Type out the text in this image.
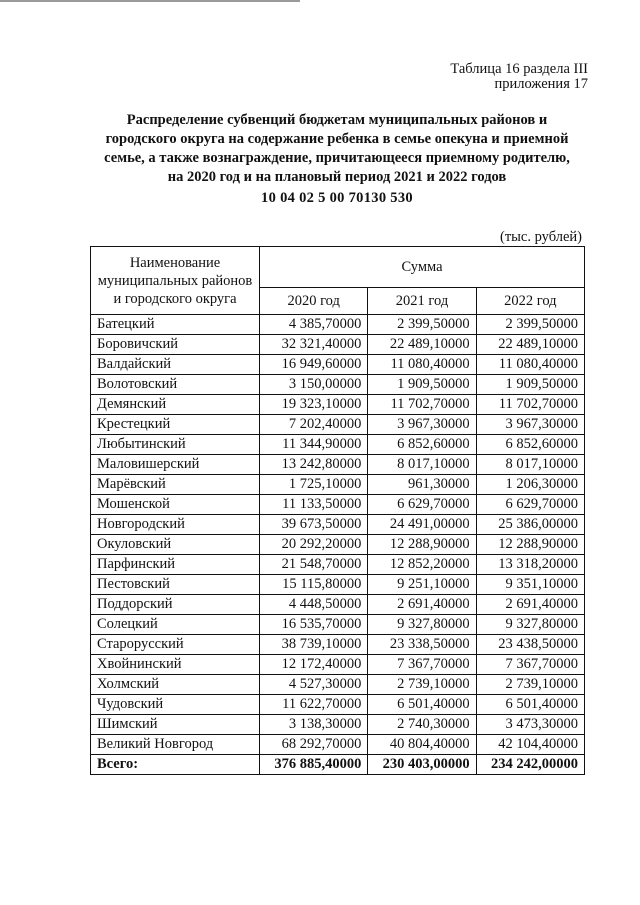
Таблица 16 раздела III
приложения 17
Распределение субвенций бюджетам муниципальных районов и
городского округа на содержание ребенка в семье опекуна и приемной
семье, а также вознаграждение, причитающееся приемному родителю,
на 2020 год и на плановый период 2021 и 2022 годов
10 04 02 5 00 70130 530
(тыс. рублей)
Наименование муниципальных районов и городского округа	Сумма		
	2020 год	2021 год	2022 год
Батецкий	4 385,70000	2 399,50000	2 399,50000
Боровичский	32 321,40000	22 489,10000	22 489,10000
Валдайский	16 949,60000	11 080,40000	11 080,40000
Волотовский	3 150,00000	1 909,50000	1 909,50000
Демянский	19 323,10000	11 702,70000	11 702,70000
Крестецкий	7 202,40000	3 967,30000	3 967,30000
Любытинский	11 344,90000	6 852,60000	6 852,60000
Маловишерский	13 242,80000	8 017,10000	8 017,10000
Марёвский	1 725,10000	961,30000	1 206,30000
Мошенской	11 133,50000	6 629,70000	6 629,70000
Новгородский	39 673,50000	24 491,00000	25 386,00000
Окуловский	20 292,20000	12 288,90000	12 288,90000
Парфинский	21 548,70000	12 852,20000	13 318,20000
Пестовский	15 115,80000	9 251,10000	9 351,10000
Поддорский	4 448,50000	2 691,40000	2 691,40000
Солецкий	16 535,70000	9 327,80000	9 327,80000
Старорусский	38 739,10000	23 338,50000	23 438,50000
Хвойнинский	12 172,40000	7 367,70000	7 367,70000
Холмский	4 527,30000	2 739,10000	2 739,10000
Чудовский	11 622,70000	6 501,40000	6 501,40000
Шимский	3 138,30000	2 740,30000	3 473,30000
Великий Новгород	68 292,70000	40 804,40000	42 104,40000
Всего:	376 885,40000	230 403,00000	234 242,00000
